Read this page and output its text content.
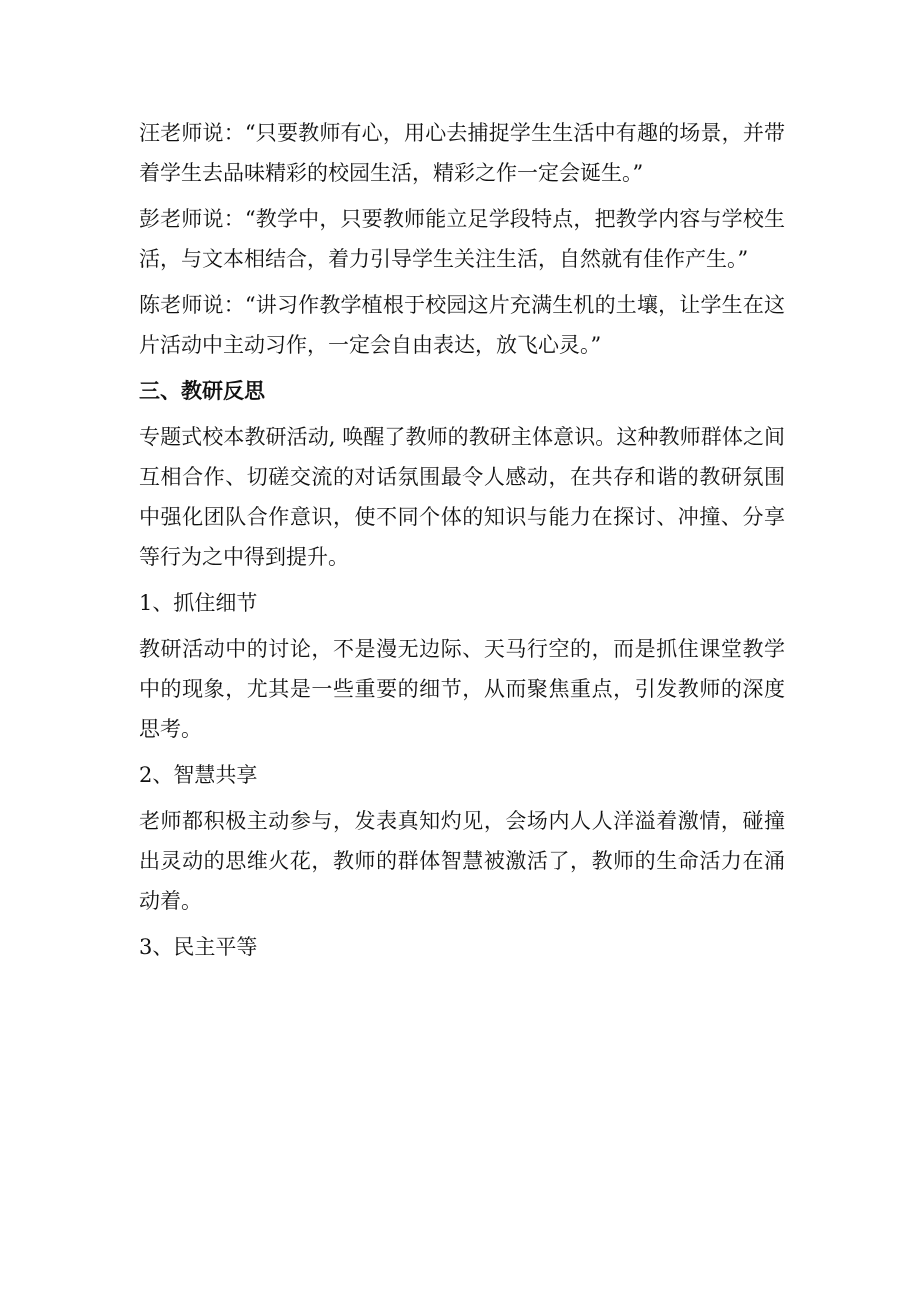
汪老师说：“只要教师有心，用心去捕捉学生生活中有趣的场景，并带着学生去品味精彩的校园生活，精彩之作一定会诞生。”

彭老师说：“教学中，只要教师能立足学段特点，把教学内容与学校生活，与文本相结合，着力引导学生关注生活，自然就有佳作产生。”

陈老师说：“讲习作教学植根于校园这片充满生机的土壤，让学生在这片活动中主动习作，一定会自由表达，放飞心灵。”

三、教研反思

专题式校本教研活动, 唤醒了教师的教研主体意识。这种教师群体之间互相合作、切磋交流的对话氛围最令人感动，在共存和谐的教研氛围中强化团队合作意识，使不同个体的知识与能力在探讨、冲撞、分享等行为之中得到提升。

1、抓住细节

教研活动中的讨论，不是漫无边际、天马行空的，而是抓住课堂教学中的现象，尤其是一些重要的细节，从而聚焦重点，引发教师的深度思考。

2、智慧共享

老师都积极主动参与，发表真知灼见，会场内人人洋溢着激情，碰撞出灵动的思维火花，教师的群体智慧被激活了，教师的生命活力在涌动着。

3、民主平等
